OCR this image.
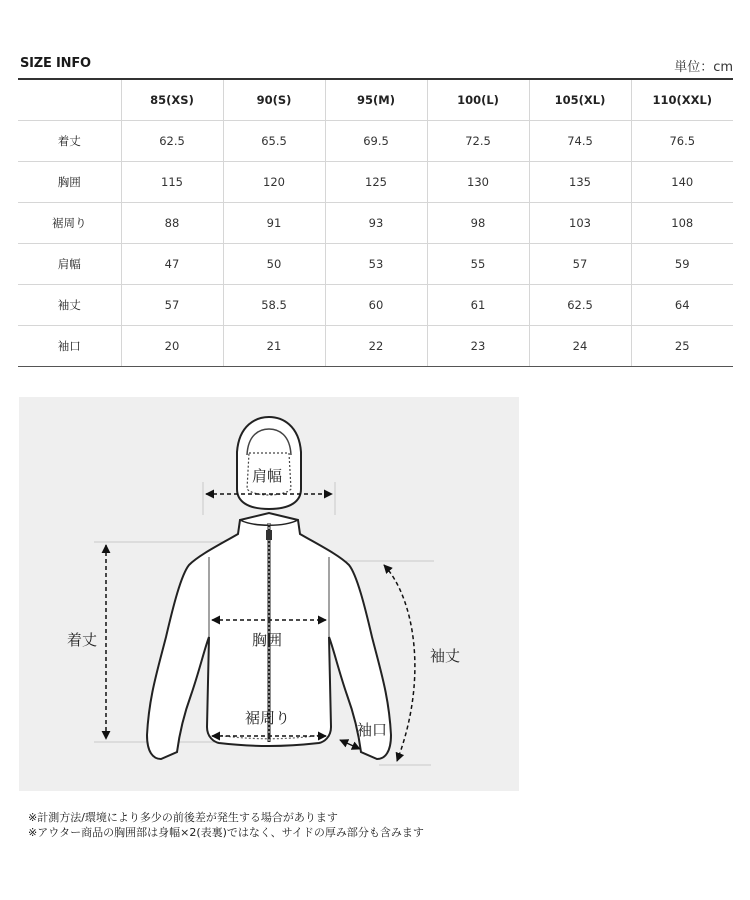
SIZE INFO	単位：cm
	85(XS)	90(S)	95(M)	100(L)	105(XL)	110(XXL)
着丈	62.5	65.5	69.5	72.5	74.5	76.5
胸囲	115	120	125	130	135	140
裾周り	88	91	93	98	103	108
肩幅	47	50	53	55	57	59
袖丈	57	58.5	60	61	62.5	64
袖口	20	21	22	23	24	25
肩幅
着丈	胸囲
裾周り
袖丈
袖口
※計測方法/環境により多少の前後差が発生する場合があります
※アウター商品の胸囲部は身幅×2(表裏)ではなく、サイドの厚み部分も含みます
